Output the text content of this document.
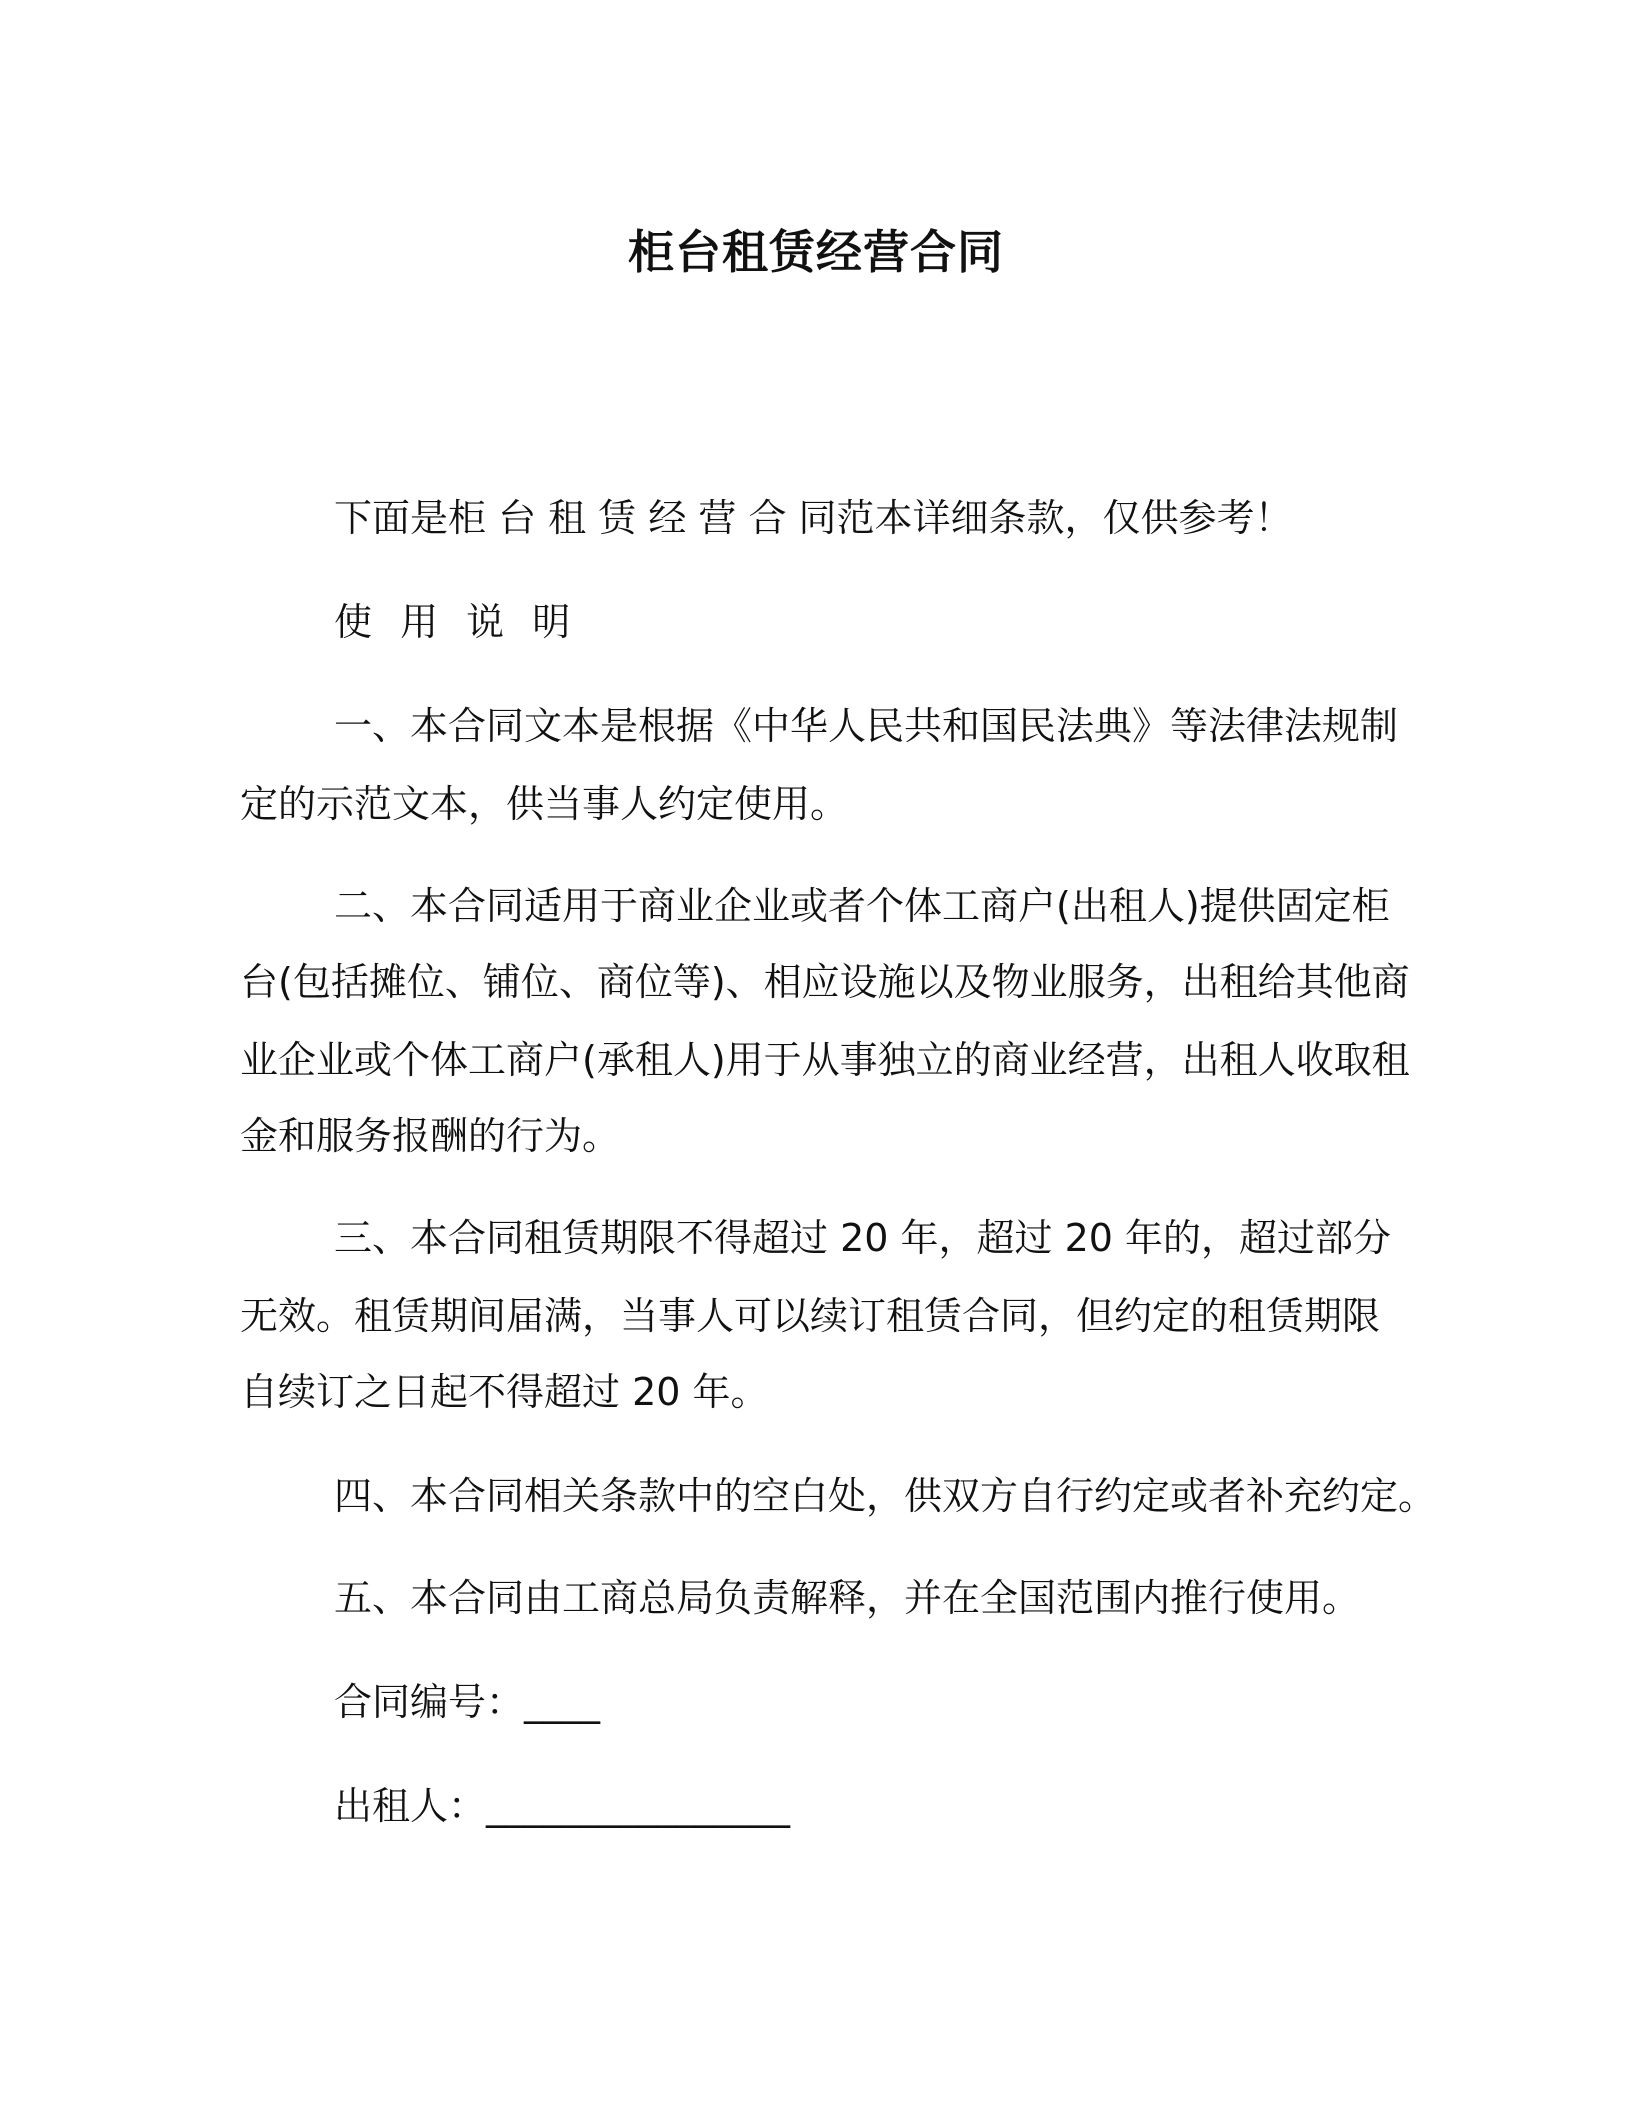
柜台租赁经营合同
下面是柜 台 租 赁 经 营 合 同范本详细条款，仅供参考！
使 用 说 明
一、本合同文本是根据《中华人民共和国民法典》等法律法规制
定的示范文本，供当事人约定使用。
二、本合同适用于商业企业或者个体工商户(出租人)提供固定柜
台(包括摊位、铺位、商位等)、相应设施以及物业服务，出租给其他商
业企业或个体工商户(承租人)用于从事独立的商业经营，出租人收取租
金和服务报酬的行为。
三、本合同租赁期限不得超过 20 年，超过 20 年的，超过部分
无效。租赁期间届满，当事人可以续订租赁合同，但约定的租赁期限
自续订之日起不得超过 20 年。
四、本合同相关条款中的空白处，供双方自行约定或者补充约定。
五、本合同由工商总局负责解释，并在全国范围内推行使用。
合同编号：____
出租人：________________
